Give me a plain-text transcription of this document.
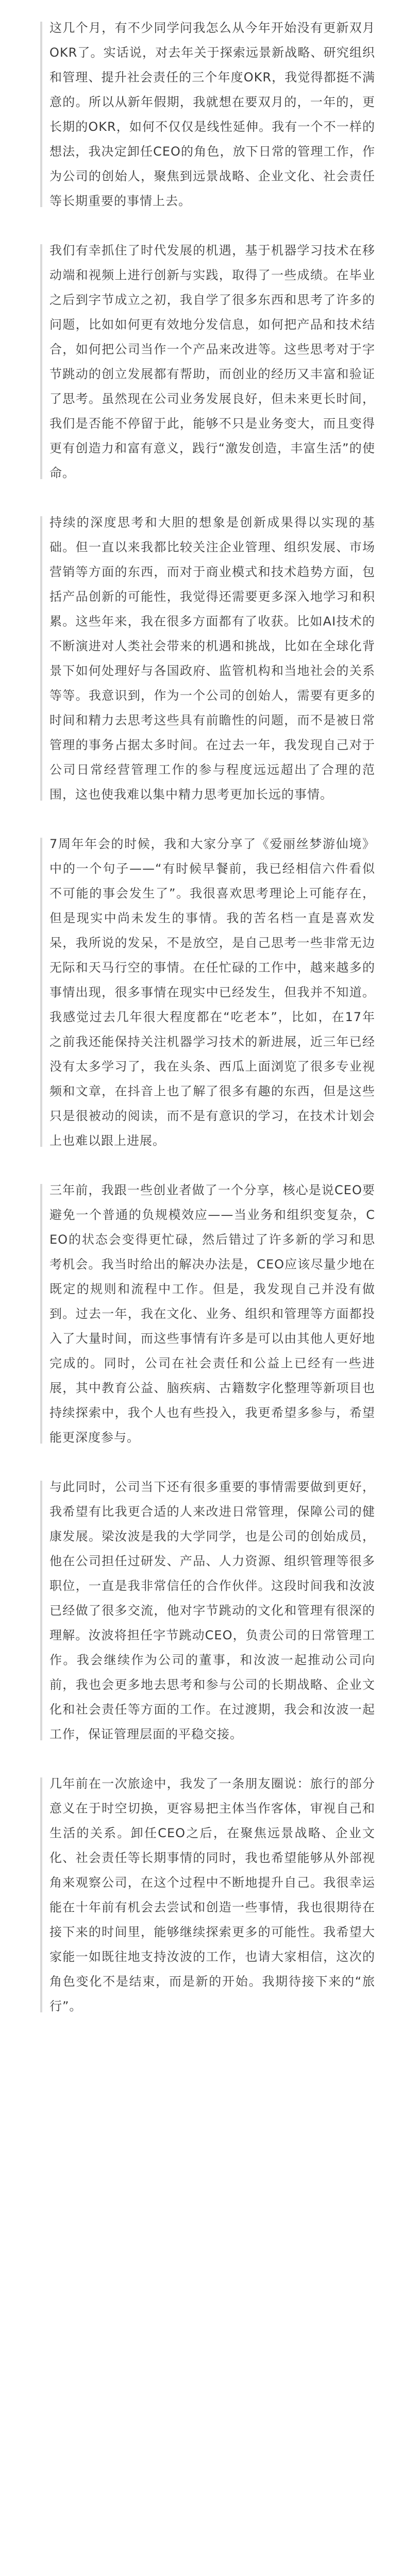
这几个月，有不少同学问我怎么从今年开始没有更新双月OKR了。实话说，对去年关于探索远景新战略、研究组织和管理、提升社会责任的三个年度OKR，我觉得都挺不满意的。所以从新年假期，我就想在要双月的，一年的，更长期的OKR，如何不仅仅是线性延伸。我有一个不一样的想法，我决定卸任CEO的角色，放下日常的管理工作，作为公司的创始人，聚焦到远景战略、企业文化、社会责任等长期重要的事情上去。
我们有幸抓住了时代发展的机遇，基于机器学习技术在移动端和视频上进行创新与实践，取得了一些成绩。在毕业之后到字节成立之初，我自学了很多东西和思考了许多的问题，比如如何更有效地分发信息，如何把产品和技术结合，如何把公司当作一个产品来改进等。这些思考对于字节跳动的创立发展都有帮助，而创业的经历又丰富和验证了思考。虽然现在公司业务发展良好，但未来更长时间，我们是否能不停留于此，能够不只是业务变大，而且变得更有创造力和富有意义，践行“激发创造，丰富生活”的使命。
持续的深度思考和大胆的想象是创新成果得以实现的基础。但一直以来我都比较关注企业管理、组织发展、市场营销等方面的东西，而对于商业模式和技术趋势方面，包括产品创新的可能性，我觉得还需要更多深入地学习和积累。这些年来，我在很多方面都有了收获。比如AI技术的不断演进对人类社会带来的机遇和挑战，比如在全球化背景下如何处理好与各国政府、监管机构和当地社会的关系等等。我意识到，作为一个公司的创始人，需要有更多的时间和精力去思考这些具有前瞻性的问题，而不是被日常管理的事务占据太多时间。在过去一年，我发现自己对于公司日常经营管理工作的参与程度远远超出了合理的范围，这也使我难以集中精力思考更加长远的事情。
7周年年会的时候，我和大家分享了《爱丽丝梦游仙境》中的一个句子——“有时候早餐前，我已经相信六件看似不可能的事会发生了”。我很喜欢思考理论上可能存在，但是现实中尚未发生的事情。我的苦名档一直是喜欢发呆，我所说的发呆，不是放空，是自己思考一些非常无边无际和天马行空的事情。在任忙碌的工作中，越来越多的事情出现，很多事情在现实中已经发生，但我并不知道。我感觉过去几年很大程度都在“吃老本”，比如，在17年之前我还能保持关注机器学习技术的新进展，近三年已经没有太多学习了，我在头条、西瓜上面浏览了很多专业视频和文章，在抖音上也了解了很多有趣的东西，但是这些只是很被动的阅读，而不是有意识的学习，在技术计划会上也难以跟上进展。
三年前，我跟一些创业者做了一个分享，核心是说CEO要避免一个普通的负规模效应——当业务和组织变复杂，CEO的状态会变得更忙碌，然后错过了许多新的学习和思考机会。我当时给出的解决办法是，CEO应该尽量少地在既定的规则和流程中工作。但是，我发现自己并没有做到。过去一年，我在文化、业务、组织和管理等方面都投入了大量时间，而这些事情有许多是可以由其他人更好地完成的。同时，公司在社会责任和公益上已经有一些进展，其中教育公益、脑疾病、古籍数字化整理等新项目也持续探索中，我个人也有些投入，我更希望多参与，希望能更深度参与。
与此同时，公司当下还有很多重要的事情需要做到更好，我希望有比我更合适的人来改进日常管理，保障公司的健康发展。梁汝波是我的大学同学，也是公司的创始成员，他在公司担任过研发、产品、人力资源、组织管理等很多职位，一直是我非常信任的合作伙伴。这段时间我和汝波已经做了很多交流，他对字节跳动的文化和管理有很深的理解。汝波将担任字节跳动CEO，负责公司的日常管理工作。我会继续作为公司的董事，和汝波一起推动公司向前，我也会更多地去思考和参与公司的长期战略、企业文化和社会责任等方面的工作。在过渡期，我会和汝波一起工作，保证管理层面的平稳交接。
几年前在一次旅途中，我发了一条朋友圈说：旅行的部分意义在于时空切换，更容易把主体当作客体，审视自己和生活的关系。卸任CEO之后，在聚焦远景战略、企业文化、社会责任等长期事情的同时，我也希望能够从外部视角来观察公司，在这个过程中不断地提升自己。我很幸运能在十年前有机会去尝试和创造一些事情，我也很期待在接下来的时间里，能够继续探索更多的可能性。我希望大家能一如既往地支持汝波的工作，也请大家相信，这次的角色变化不是结束，而是新的开始。我期待接下来的“旅行”。
